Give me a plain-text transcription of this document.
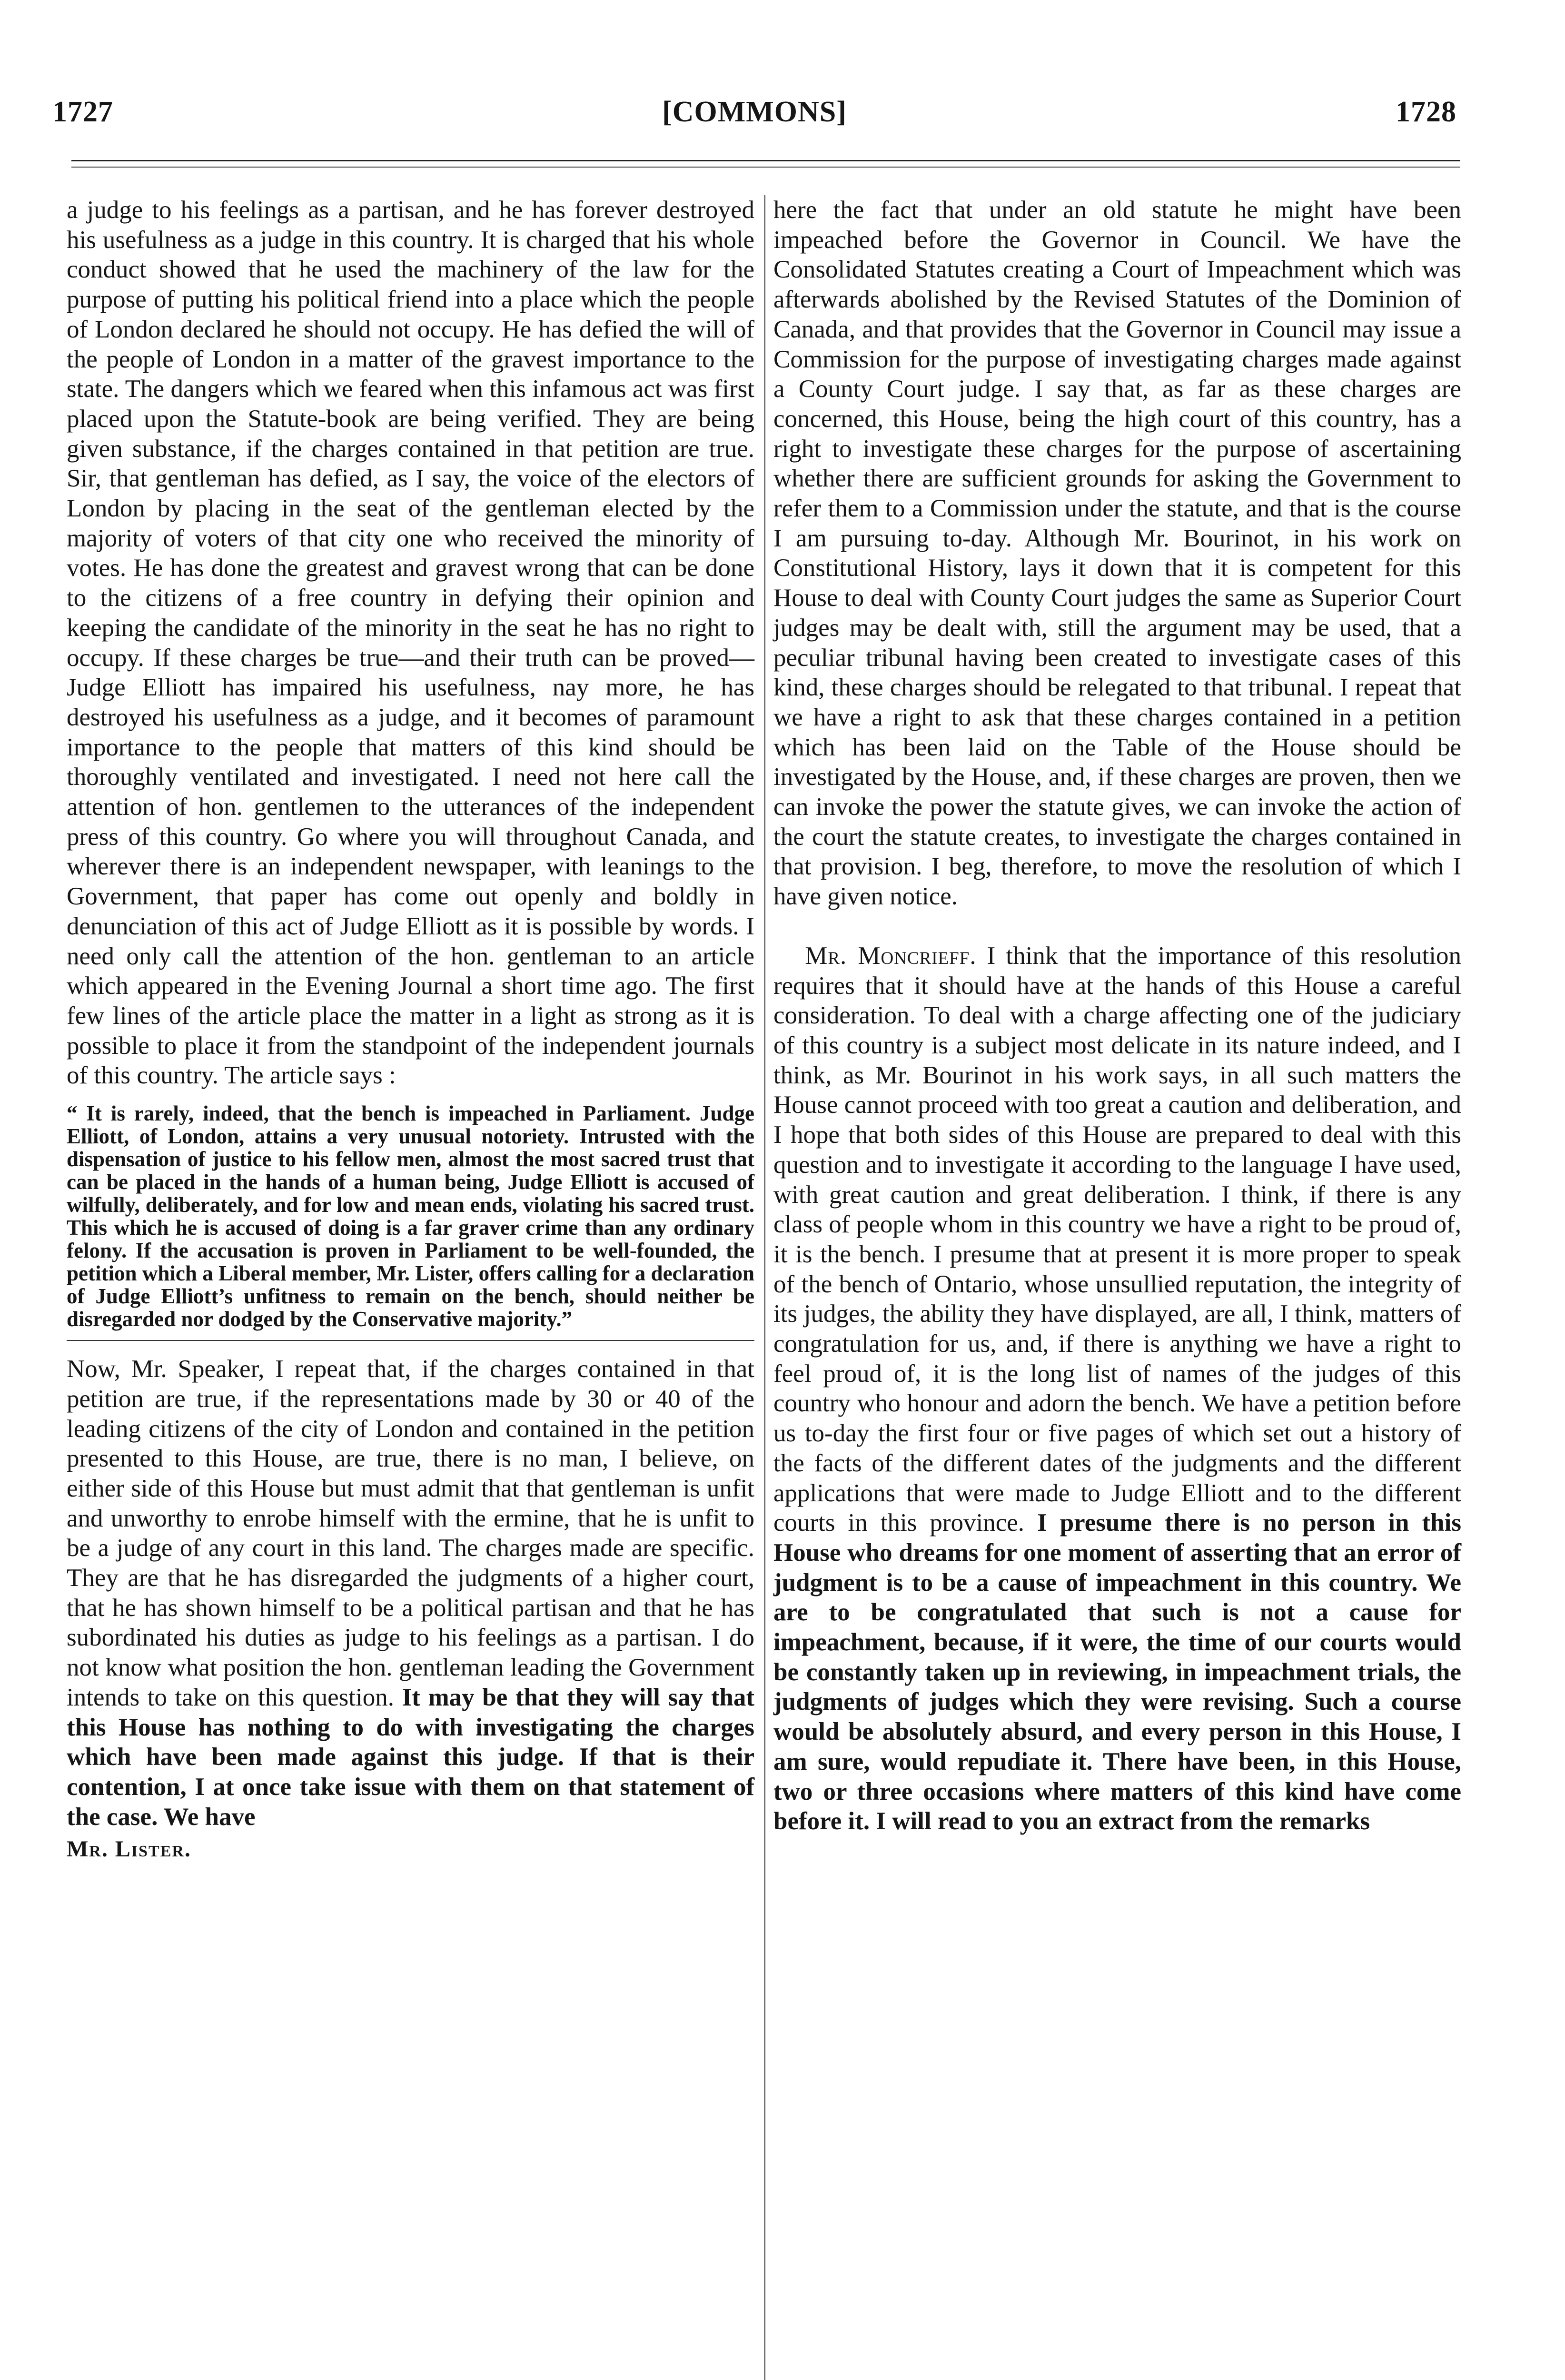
1727	[COMMONS]	1728

a judge to his feelings as a partisan, and he has forever destroyed his usefulness as a judge in this country. It is charged that his whole conduct showed that he used the machinery of the law for the purpose of putting his political friend into a place which the people of London declared he should not occupy. He has defied the will of the people of London in a matter of the gravest importance to the state. The dangers which we feared when this infamous act was first placed upon the Statute-book are being verified. They are being given substance, if the charges contained in that petition are true. Sir, that gentleman has defied, as I say, the voice of the electors of London by placing in the seat of the gentleman elected by the majority of voters of that city one who received the minority of votes. He has done the greatest and gravest wrong that can be done to the citizens of a free country in defying their opinion and keeping the candidate of the minority in the seat he has no right to occupy. If these charges be true—and their truth can be proved—Judge Elliott has impaired his usefulness, nay more, he has destroyed his usefulness as a judge, and it becomes of paramount importance to the people that matters of this kind should be thoroughly ventilated and investigated. I need not here call the attention of hon. gentlemen to the utterances of the independent press of this country. Go where you will throughout Canada, and wherever there is an independent newspaper, with leanings to the Government, that paper has come out openly and boldly in denunciation of this act of Judge Elliott as it is possible by words. I need only call the attention of the hon. gentleman to an article which appeared in the Evening Journal a short time ago. The first few lines of the article place the matter in a light as strong as it is possible to place it from the standpoint of the independent journals of this country. The article says :

“ It is rarely, indeed, that the bench is impeached in Parliament. Judge Elliott, of London, attains a very unusual notoriety. Intrusted with the dispensation of justice to his fellow men, almost the most sacred trust that can be placed in the hands of a human being, Judge Elliott is accused of wilfully, deliberately, and for low and mean ends, violating his sacred trust. This which he is accused of doing is a far graver crime than any ordinary felony. If the accusation is proven in Parliament to be well-founded, the petition which a Liberal member, Mr. Lister, offers calling for a declaration of Judge Elliott’s unfitness to remain on the bench, should neither be disregarded nor dodged by the Conservative majority.”

Now, Mr. Speaker, I repeat that, if the charges contained in that petition are true, if the representations made by 30 or 40 of the leading citizens of the city of London and contained in the petition presented to this House, are true, there is no man, I believe, on either side of this House but must admit that that gentleman is unfit and unworthy to enrobe himself with the ermine, that he is unfit to be a judge of any court in this land. The charges made are specific. They are that he has disregarded the judgments of a higher court, that he has shown himself to be a political partisan and that he has subordinated his duties as judge to his feelings as a partisan. I do not know what position the hon. gentleman leading the Government intends to take on this question. It may be that they will say that this House has nothing to do with investigating the charges which have been made against this judge. If that is their contention, I at once take issue with them on that statement of the case. We have

Mr. Lister.

here the fact that under an old statute he might have been impeached before the Governor in Council. We have the Consolidated Statutes creating a Court of Impeachment which was afterwards abolished by the Revised Statutes of the Dominion of Canada, and that provides that the Governor in Council may issue a Commission for the purpose of investigating charges made against a County Court judge. I say that, as far as these charges are concerned, this House, being the high court of this country, has a right to investigate these charges for the purpose of ascertaining whether there are sufficient grounds for asking the Government to refer them to a Commission under the statute, and that is the course I am pursuing to-day. Although Mr. Bourinot, in his work on Constitutional History, lays it down that it is competent for this House to deal with County Court judges the same as Superior Court judges may be dealt with, still the argument may be used, that a peculiar tribunal having been created to investigate cases of this kind, these charges should be relegated to that tribunal. I repeat that we have a right to ask that these charges contained in a petition which has been laid on the Table of the House should be investigated by the House, and, if these charges are proven, then we can invoke the power the statute gives, we can invoke the action of the court the statute creates, to investigate the charges contained in that provision. I beg, therefore, to move the resolution of which I have given notice.

Mr. Moncrieff. I think that the importance of this resolution requires that it should have at the hands of this House a careful consideration. To deal with a charge affecting one of the judiciary of this country is a subject most delicate in its nature indeed, and I think, as Mr. Bourinot in his work says, in all such matters the House cannot proceed with too great a caution and deliberation, and I hope that both sides of this House are prepared to deal with this question and to investigate it according to the language I have used, with great caution and great deliberation. I think, if there is any class of people whom in this country we have a right to be proud of, it is the bench. I presume that at present it is more proper to speak of the bench of Ontario, whose unsullied reputation, the integrity of its judges, the ability they have displayed, are all, I think, matters of congratulation for us, and, if there is anything we have a right to feel proud of, it is the long list of names of the judges of this country who honour and adorn the bench. We have a petition before us to-day the first four or five pages of which set out a history of the facts of the different dates of the judgments and the different applications that were made to Judge Elliott and to the different courts in this province. I presume there is no person in this House who dreams for one moment of asserting that an error of judgment is to be a cause of impeachment in this country. We are to be congratulated that such is not a cause for impeachment, because, if it were, the time of our courts would be constantly taken up in reviewing, in impeachment trials, the judgments of judges which they were revising. Such a course would be absolutely absurd, and every person in this House, I am sure, would repudiate it. There have been, in this House, two or three occasions where matters of this kind have come before it. I will read to you an extract from the remarks
